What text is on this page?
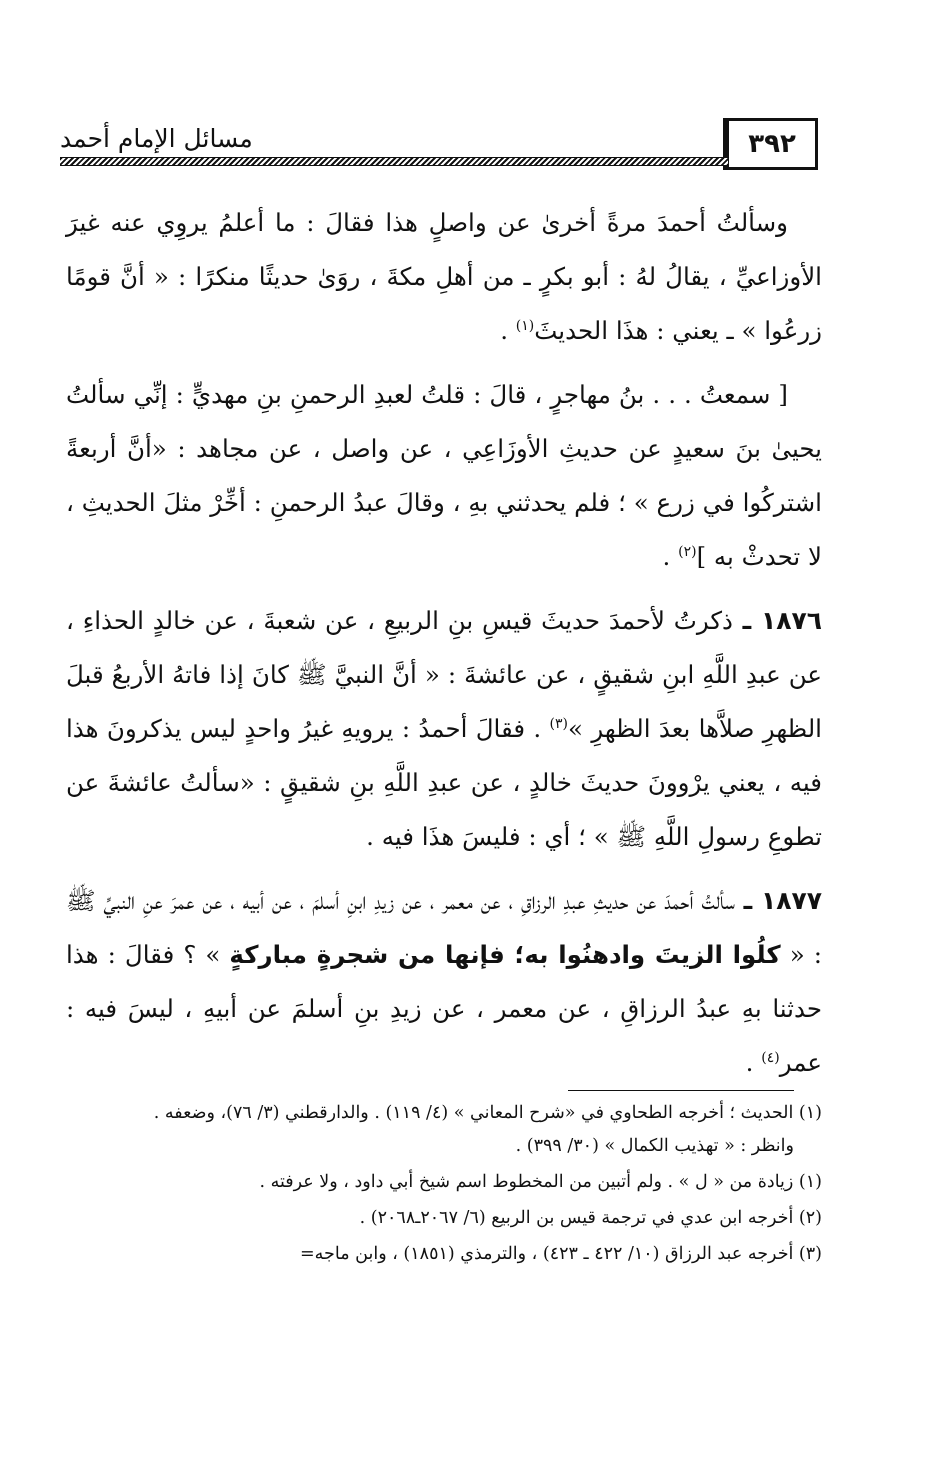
٣٩٢
مسائل الإمام أحمد

وسألتُ أحمدَ مرةً أخرىٰ عن واصلٍ هذا فقالَ : ما أعلمُ يروِي عنه غيرَ الأوزاعيِّ ، يقالُ لهُ : أبو بكرٍ ـ من أهلِ مكةَ ، روَىٰ حديثًا منكرًا : « أنَّ قومًا زرعُوا » ـ يعني : هذَا الحديثَ$^{(١)}$ .

[ سمعتُ . . . بنُ مهاجرٍ ، قالَ : قلتُ لعبدِ الرحمنِ بنِ مهديٍّ : إنِّي سألتُ يحيىٰ بنَ سعيدٍ عن حديثِ الأوزَاعِي ، عن واصل ، عن مجاهد : «أنَّ أربعةً اشتركُوا في زرع » ؛ فلم يحدثني بهِ ، وقالَ عبدُ الرحمنِ : أخِّرْ مثلَ الحديثِ ، لا تحدثْ به ]$^{(٢)}$ .

١٨٧٦ ـ ذكرتُ لأحمدَ حديثَ قيسِ بنِ الربيعِ ، عن شعبةَ ، عن خالدٍ الحذاءِ ، عن عبدِ اللَّهِ ابنِ شقيقٍ ، عن عائشةَ : « أنَّ النبيَّ ﷺ كانَ إذا فاتهُ الأربعُ قبلَ الظهرِ صلاَّها بعدَ الظهرِ »$^{(٣)}$ . فقالَ أحمدُ : يرويهِ غيرُ واحدٍ ليس يذكرونَ هذا فيه ، يعني يرْوونَ حديثَ خالدٍ ، عن عبدِ اللَّهِ بنِ شقيقٍ : «سألتُ عائشةَ عن تطوعِ رسولِ اللَّهِ ﷺ » ؛ أي : فليسَ هذَا فيه .

١٨٧٧ ـ سألتُ أحمدَ عن حديثِ عبدِ الرزاقِ ، عن معمر ، عن زيدِ ابنِ أسلمَ ، عن أبيه ، عن عمرَ عنِ النبيِّ ﷺ : « كلُوا الزيتَ وادهنُوا به؛ فإنها من شجرةٍ مباركةٍ » ؟ فقالَ : هذا حدثنا بهِ عبدُ الرزاقِ ، عن معمر ، عن زيدِ بنِ أسلمَ عن أبيهِ ، ليسَ فيه : عمر$^{(٤)}$ .

(١) الحديث ؛ أخرجه الطحاوي في «شرح المعاني » (٤/ ١١٩) . والدارقطني (٣/ ٧٦)، وضعفه .

وانظر : « تهذيب الكمال » (٣٠/ ٣٩٩) .

(١) زيادة من « ل » . ولم أتبين من المخطوط اسم شيخ أبي داود ، ولا عرفته .

(٢) أخرجه ابن عدي في ترجمة قيس بن الربيع (٦/ ٢٠٦٧ـ٢٠٦٨) .

(٣) أخرجه عبد الرزاق (١٠/ ٤٢٢ ـ ٤٢٣) ، والترمذي (١٨٥١) ، وابن ماجه=
